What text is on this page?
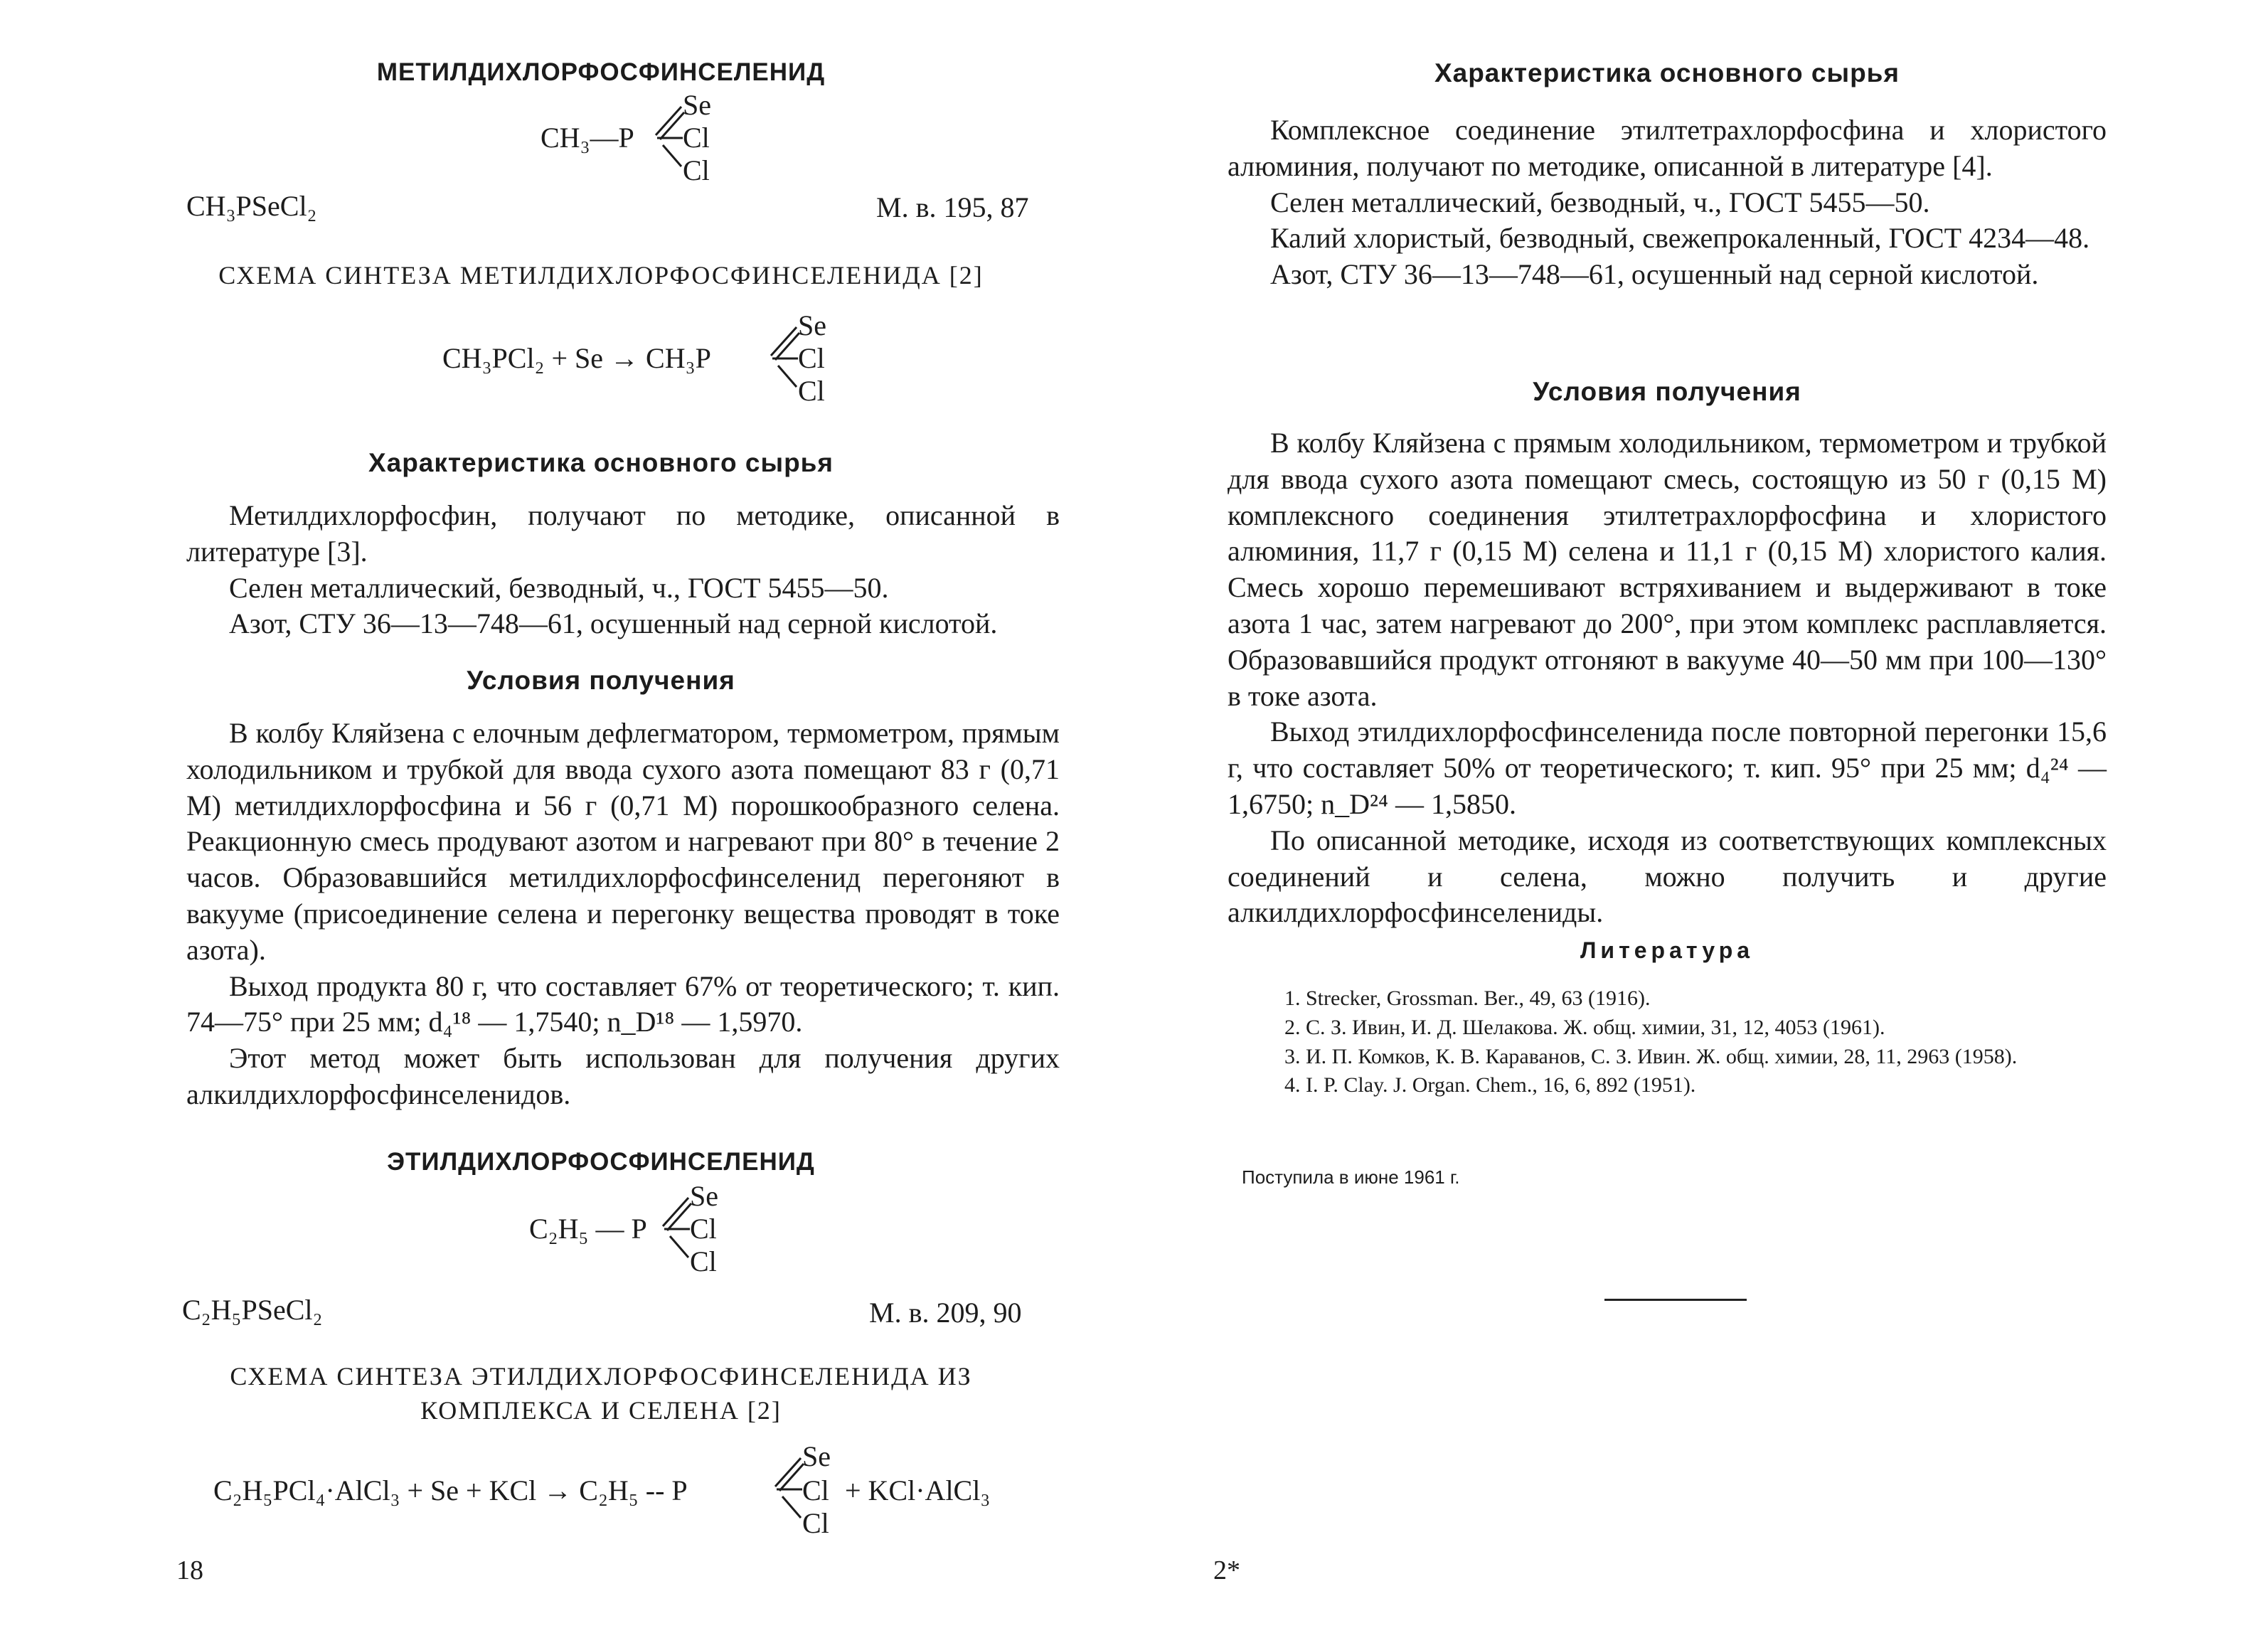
МЕТИЛДИХЛОРФОСФИНСЕЛЕНИД
CH₃—P
Se
Cl
Cl
CH₃PSeCl₂	М. в. 195, 87
СХЕМА СИНТЕЗА МЕТИЛДИХЛОРФОСФИНСЕЛЕНИДА [2]
CH₃PCl₂ + Se → CH₃P
Se
Cl
Cl
Характеристика основного сырья

Метилдихлорфосфин, получают по методике, описанной в литературе [3].

Селен металлический, безводный, ч., ГОСТ 5455—50.

Азот, СТУ 36—13—748—61, осушенный над серной кислотой.

Условия получения

В колбу Кляйзена с елочным дефлегматором, термометром, прямым холодильником и трубкой для ввода сухого азота помещают 83 г (0,71 М) метилдихлорфосфина и 56 г (0,71 М) порошкообразного селена. Реакционную смесь продувают азотом и нагревают при 80° в течение 2 часов. Образовавшийся метилдихлорфосфинселенид перегоняют в вакууме (присоединение селена и перегонку вещества проводят в токе азота).

Выход продукта 80 г, что составляет 67% от теоретического; т. кип. 74—75° при 25 мм; d₄¹⁸ — 1,7540; n_D¹⁸ — 1,5970.

Этот метод может быть использован для получения других алкилдихлорфосфинселенидов.

ЭТИЛДИХЛОРФОСФИНСЕЛЕНИД
C₂H₅ — P
Se
Cl
Cl
C₂H₅PSeCl₂	М. в. 209, 90
СХЕМА СИНТЕЗА ЭТИЛДИХЛОРФОСФИНСЕЛЕНИДА ИЗ
КОМПЛЕКСА И СЕЛЕНА [2]
C₂H₅PCl₄·AlCl₃ + Se + KCl → C₂H₅ -- P
Se
Cl + KCl·AlCl₃
Cl
18
Характеристика основного сырья

Комплексное соединение этилтетрахлорфосфина и хлористого алюминия, получают по методике, описанной в литературе [4].

Селен металлический, безводный, ч., ГОСТ 5455—50.

Калий хлористый, безводный, свежепрокаленный, ГОСТ 4234—48.

Азот, СТУ 36—13—748—61, осушенный над серной кислотой.

Условия получения

В колбу Кляйзена с прямым холодильником, термометром и трубкой для ввода сухого азота помещают смесь, состоящую из 50 г (0,15 М) комплексного соединения этилтетрахлорфосфина и хлористого алюминия, 11,7 г (0,15 М) селена и 11,1 г (0,15 М) хлористого калия. Смесь хорошо перемешивают встряхиванием и выдерживают в токе азота 1 час, затем нагревают до 200°, при этом комплекс расплавляется. Образовавшийся продукт отгоняют в вакууме 40—50 мм при 100—130° в токе азота.

Выход этилдихлорфосфинселенида после повторной перегонки 15,6 г, что составляет 50% от теоретического; т. кип. 95° при 25 мм; d₄²⁴ — 1,6750; n_D²⁴ — 1,5850.

По описанной методике, исходя из соответствующих комплексных соединений и селена, можно получить и другие алкилдихлорфосфинселениды.

Литература

1. Strecker, Grossman. Ber., 49, 63 (1916).

2. С. З. Ивин, И. Д. Шелакова. Ж. общ. химии, 31, 12, 4053 (1961).

3. И. П. Комков, К. В. Караванов, С. З. Ивин. Ж. общ. химии, 28, 11, 2963 (1958).

4. I. P. Clay. J. Organ. Chem., 16, 6, 892 (1951).

Поступила в июне 1961 г.
2*
